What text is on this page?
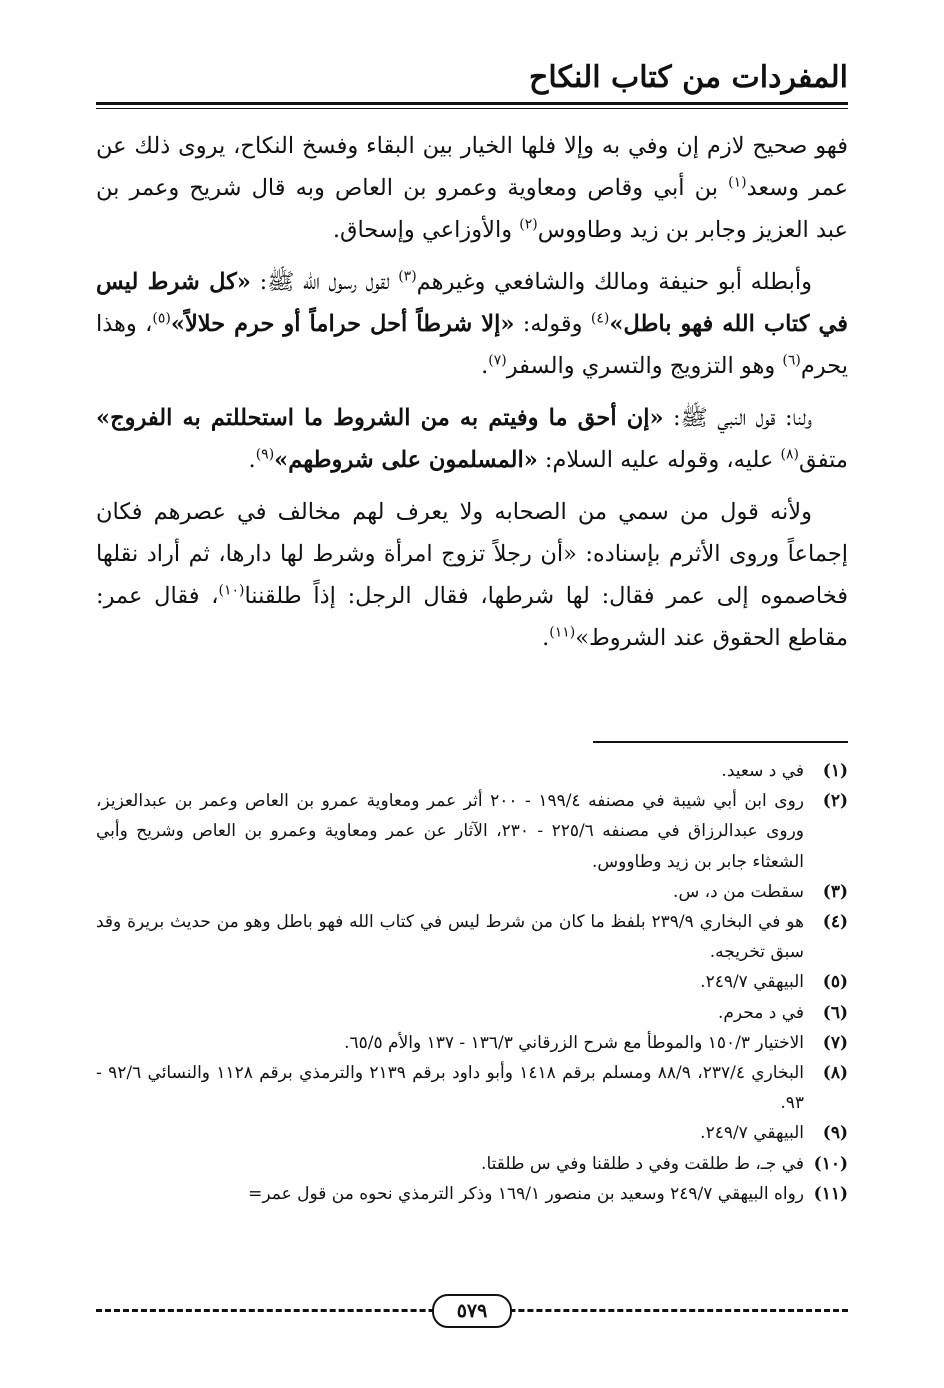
المفردات من كتاب النكاح

فهو صحيح لازم إن وفي به وإلا فلها الخيار بين البقاء وفسخ النكاح، يروى ذلك عن عمر وسعد$^{(١)}$ بن أبي وقاص ومعاوية وعمرو بن العاص وبه قال شريح وعمر بن عبد العزيز وجابر بن زيد وطاووس$^{(٢)}$ والأوزاعي وإسحاق.

وأبطله أبو حنيفة ومالك والشافعي وغيرهم$^{(٣)}$ لقول رسول الله ﷺ: «كل شرط ليس في كتاب الله فهو باطل»$^{(٤)}$ وقوله: «إلا شرطاً أحل حراماً أو حرم حلالاً»$^{(٥)}$، وهذا يحرم$^{(٦)}$ وهو التزويج والتسري والسفر$^{(٧)}$.

ولنا: قول النبي ﷺ: «إن أحق ما وفيتم به من الشروط ما استحللتم به الفروج» متفق$^{(٨)}$ عليه، وقوله عليه السلام: «المسلمون على شروطهم»$^{(٩)}$.

ولأنه قول من سمي من الصحابه ولا يعرف لهم مخالف في عصرهم فكان إجماعاً وروى الأثرم بإسناده: «أن رجلاً تزوج امرأة وشرط لها دارها، ثم أراد نقلها فخاصموه إلى عمر فقال: لها شرطها، فقال الرجل: إذاً طلقننا$^{(١٠)}$، فقال عمر: مقاطع الحقوق عند الشروط»$^{(١١)}$.

(١)
في د سعيد.
(٢)
روى ابن أبي شيبة في مصنفه ١٩٩/٤ - ٢٠٠ أثر عمر ومعاوية عمرو بن العاص وعمر بن عبدالعزيز، وروى عبدالرزاق في مصنفه ٢٢٥/٦ - ٢٣٠، الآثار عن عمر ومعاوية وعمرو بن العاص وشريح وأبي الشعثاء جابر بن زيد وطاووس.
(٣)
سقطت من د، س.
(٤)
هو في البخاري ٢٣٩/٩ بلفظ ما كان من شرط ليس في كتاب الله فهو باطل وهو من حديث بريرة وقد سبق تخريجه.
(٥)
البيهقي ٢٤٩/٧.
(٦)
في د محرم.
(٧)
الاختيار ١٥٠/٣ والموطأ مع شرح الزرقاني ١٣٦/٣ - ١٣٧ والأم ٦٥/٥.
(٨)
البخاري ٢٣٧/٤، ٨٨/٩ ومسلم برقم ١٤١٨ وأبو داود برقم ٢١٣٩ والترمذي برقم ١١٢٨ والنسائي ٩٢/٦ - ٩٣.
(٩)
البيهقي ٢٤٩/٧.
(١٠)
في جـ، ط طلقت وفي د طلقنا وفي س طلقتا.
(١١)
رواه البيهقي ٢٤٩/٧ وسعيد بن منصور ١٦٩/١ وذكر الترمذي نحوه من قول عمر=
٥٧٩
